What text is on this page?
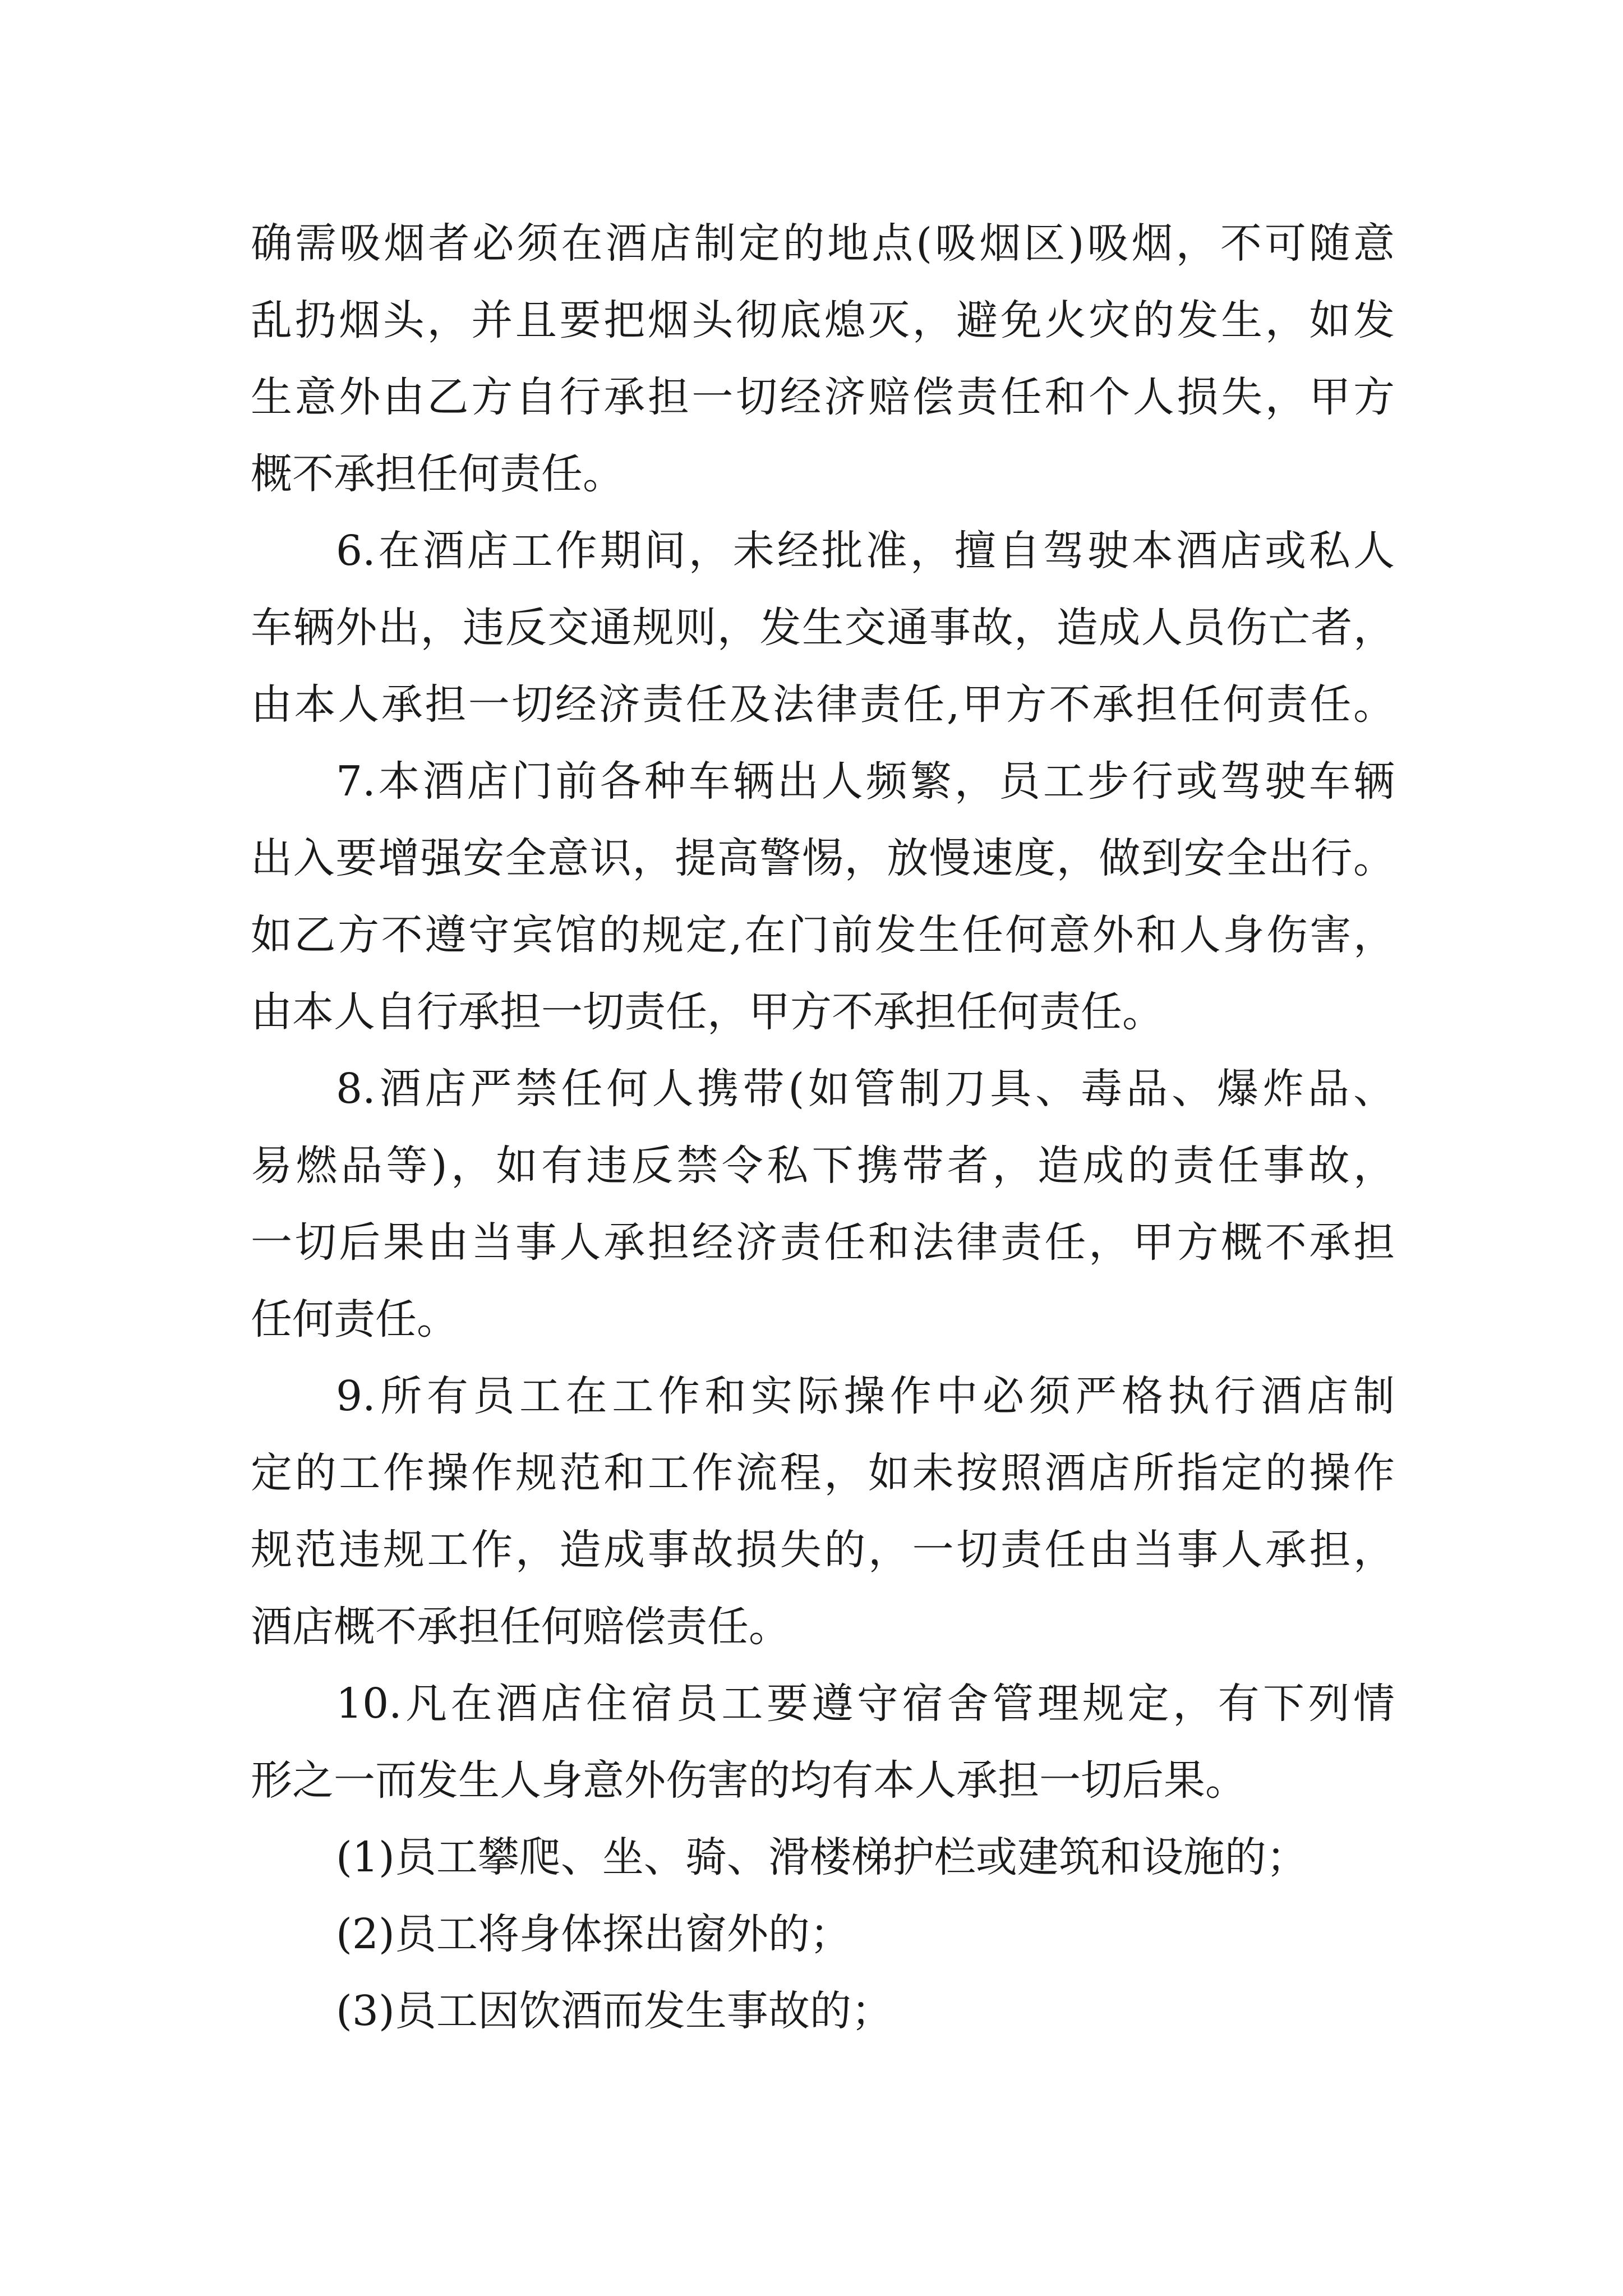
确需吸烟者必须在酒店制定的地点(吸烟区)吸烟，不可随意
乱扔烟头，并且要把烟头彻底熄灭，避免火灾的发生，如发
生意外由乙方自行承担一切经济赔偿责任和个人损失，甲方
概不承担任何责任。
6.在酒店工作期间，未经批准，擅自驾驶本酒店或私人
车辆外出，违反交通规则，发生交通事故，造成人员伤亡者，
由本人承担一切经济责任及法律责任,甲方不承担任何责任。
7.本酒店门前各种车辆出人频繁，员工步行或驾驶车辆
出入要增强安全意识，提高警惕，放慢速度，做到安全出行。
如乙方不遵守宾馆的规定,在门前发生任何意外和人身伤害，
由本人自行承担一切责任，甲方不承担任何责任。
8.酒店严禁任何人携带(如管制刀具、毒品、爆炸品、
易燃品等)，如有违反禁令私下携带者，造成的责任事故，
一切后果由当事人承担经济责任和法律责任，甲方概不承担
任何责任。
9.所有员工在工作和实际操作中必须严格执行酒店制
定的工作操作规范和工作流程，如未按照酒店所指定的操作
规范违规工作，造成事故损失的，一切责任由当事人承担，
酒店概不承担任何赔偿责任。
10.凡在酒店住宿员工要遵守宿舍管理规定，有下列情
形之一而发生人身意外伤害的均有本人承担一切后果。
(1)员工攀爬、坐、骑、滑楼梯护栏或建筑和设施的；
(2)员工将身体探出窗外的；
(3)员工因饮酒而发生事故的；
